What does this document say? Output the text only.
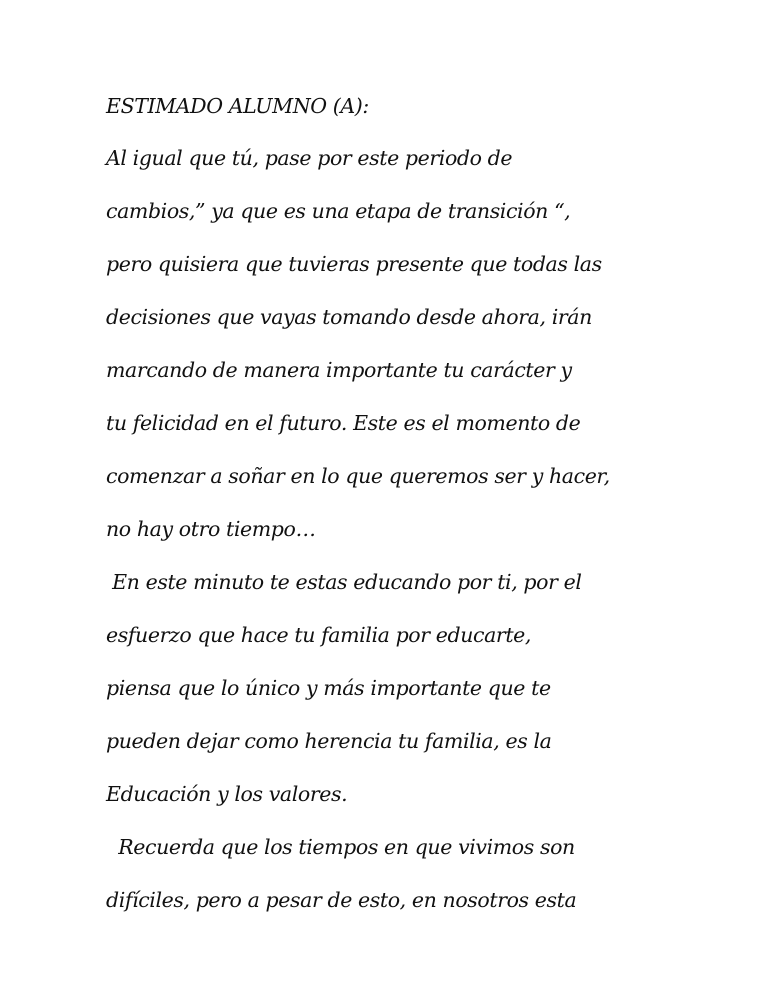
ESTIMADO ALUMNO (A):

Al igual que tú, pase por este periodo de

cambios,” ya que es una etapa de transición “,

pero quisiera que tuvieras presente que todas las

decisiones que vayas tomando desde ahora, irán

marcando de manera importante tu carácter y

tu felicidad en el futuro. Este es el momento de

comenzar a soñar en lo que queremos ser y hacer,

no hay otro tiempo…

En este minuto te estas educando por ti, por el

esfuerzo que hace tu familia por educarte,

piensa que lo único y más importante que te

pueden dejar como herencia tu familia, es la

Educación y los valores.

Recuerda que los tiempos en que vivimos son

difíciles, pero a pesar de esto, en nosotros esta
